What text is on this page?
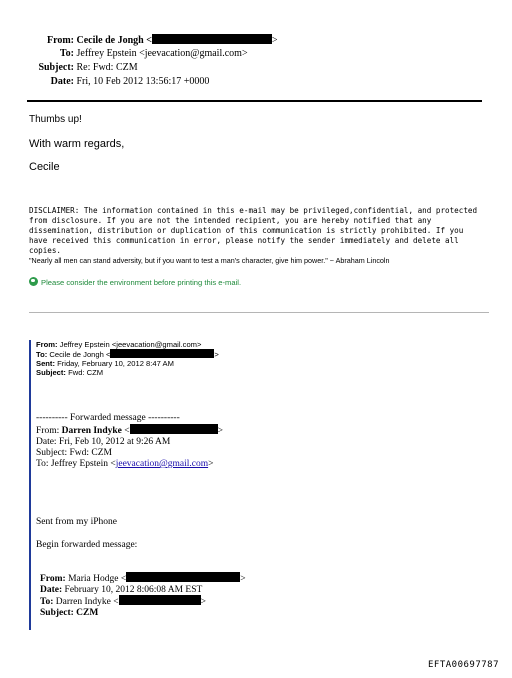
From: Cecile de Jongh <	>
To: Jeffrey Epstein <jeevacation@gmail.com>
Subject: Re: Fwd: CZM
Date: Fri, 10 Feb 2012 13:56:17 +0000
Thumbs up!
With warm regards,
Cecile
DISCLAIMER: The information contained in this e-mail may be privileged,confidential, and protected from disclosure. If you are not the intended recipient, you are hereby notified that any dissemination, distribution or duplication of this communication is strictly prohibited. If you have received this communication in error, please notify the sender immediately and delete all copies.
"Nearly all men can stand adversity, but if you want to test a man's character, give him power." ~ Abraham Lincoln
Please consider the environment before printing this e-mail.
From: Jeffrey Epstein <jeevacation@gmail.com>
To: Cecile de Jongh <	>
Sent: Friday, February 10, 2012 8:47 AM
Subject: Fwd: CZM
---------- Forwarded message ----------
From: Darren Indyke <	>
Date: Fri, Feb 10, 2012 at 9:26 AM
Subject: Fwd: CZM
To: Jeffrey Epstein <jeevacation@gmail.com>
Sent from my iPhone
Begin forwarded message:
From: Maria Hodge <	>
Date: February 10, 2012 8:06:08 AM EST
To: Darren Indyke <	>
Subject: CZM
EFTA00697787
